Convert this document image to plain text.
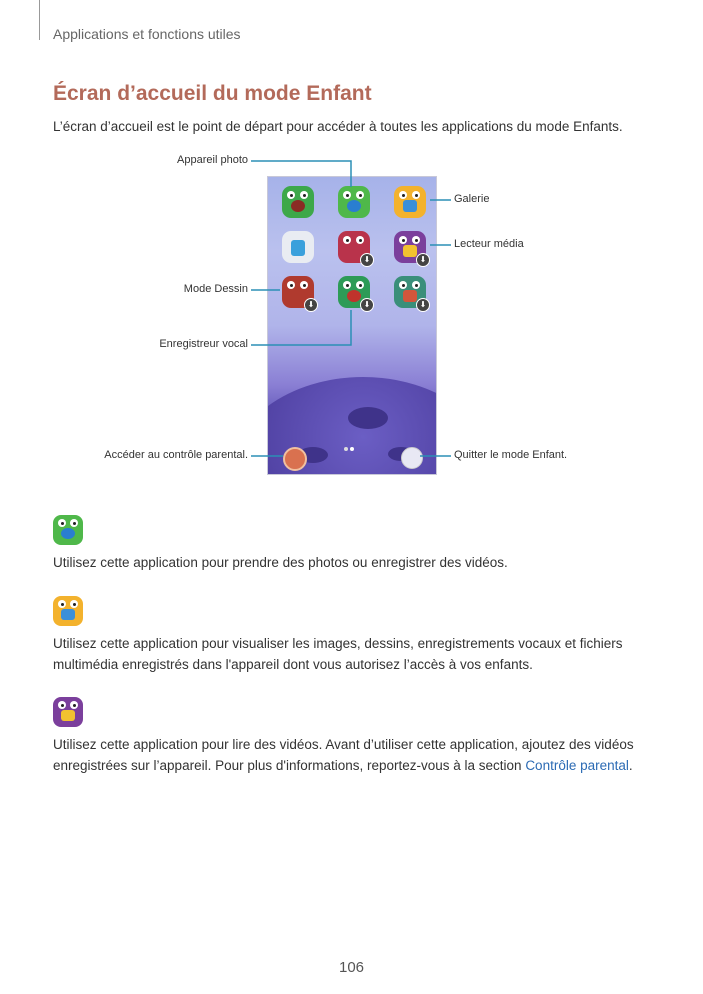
Applications et fonctions utiles
Écran d’accueil du mode Enfant
L’écran d’accueil est le point de départ pour accéder à toutes les applications du mode Enfants.
⬇	⬇
⬇	⬇	⬇
Appareil photo
Galerie
Lecteur média
Mode Dessin
Enregistreur vocal
Accéder au contrôle parental.	Quitter le mode Enfant.
Utilisez cette application pour prendre des photos ou enregistrer des vidéos.
Utilisez cette application pour visualiser les images, dessins, enregistrements vocaux et fichiers
multimédia enregistrés dans l'appareil dont vous autorisez l’accès à vos enfants.
Utilisez cette application pour lire des vidéos. Avant d’utiliser cette application, ajoutez des vidéos
enregistrées sur l’appareil. Pour plus d'informations, reportez-vous à la section Contrôle parental.
106
